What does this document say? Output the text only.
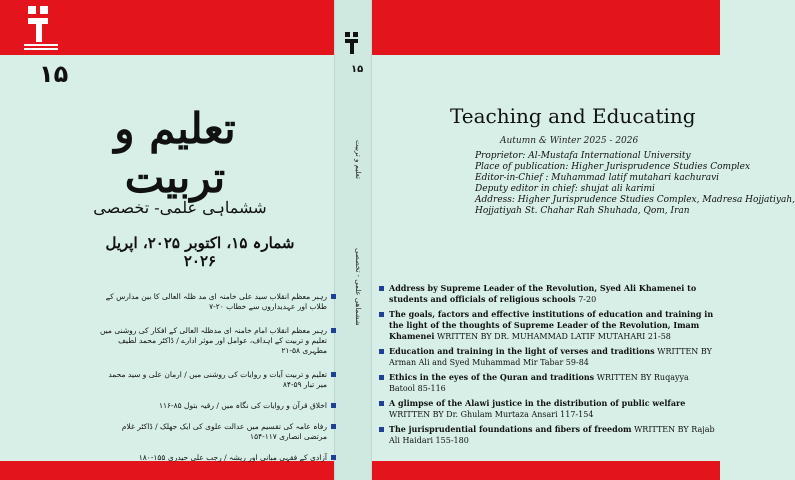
۱۵	۱۵
تعلیم و تربیت
ششماهی علمی - تخصصی
تعلیم و تربیت
ششماہی علمی- تخصصی
شمارہ ۱۵، اکتوبر ۲۰۲۵، اپریل ۲۰۲۶
رہبر معظم انقلاب سید علی خامنہ ای مد ظلہ العالی کا بین مدارس کے طلاب اور عہدیداروں سے خطاب ۲۰-۷
رہبر معظم انقلاب امام خامنہ ای مدظلہ العالی کے افکار کی روشنی میں تعلیم و تربیت کے اہداف، عوامل اور موثر ادارے / ڈاکٹر محمد لطیف مطہری ۵۸-۲۱
تعلیم و تربیت آیات و روایات کی روشنی میں / ارمان علی و سید محمد میر تبار ۵۹-۸۴
اخلاق قرآن و روایات کی نگاہ میں / رقیہ بتول ۸۵-۱۱۶
رفاہ عامہ کی تقسیم میں عدالت علوی کی ایک جھلک / ڈاکٹر غلام مرتضی انصاری ۱۱۷-۱۵۴
آزادی کے فقہی مبانی اور ریشہ / رجب علی حیدری ۱۵۵-۱۸۰
Teaching and Educating
Autumn & Winter 2025 - 2026
Proprietor: Al-Mustafa International University
Place of publication: Higher Jurisprudence Studies Complex
Editor-in-Chief : Muhammad latif mutahari kachuravi
Deputy editor in chief: shujat ali karimi
Address: Higher Jurisprudence Studies Complex, Madresa Hojjatiyah,
Hojjatiyah St. Chahar Rah Shuhada, Qom, Iran
Address by Supreme Leader of the Revolution, Syed Ali Khamenei to students and officials of religious schools 7-20
The goals, factors and effective institutions of education and training in the light of the thoughts of Supreme Leader of the Revolution, Imam Khamenei WRITTEN BY DR. MUHAMMAD LATIF MUTAHARI 21-58
Education and training in the light of verses and traditions WRITTEN BY Arman Ali and Syed Muhammad Mir Tabar 59-84
Ethics in the eyes of the Quran and traditions WRITTEN BY Ruqayya Batool 85-116
A glimpse of the Alawi justice in the distribution of public welfare WRITTEN BY Dr. Ghulam Murtaza Ansari 117-154
The jurisprudential foundations and fibers of freedom WRITTEN BY Rajab Ali Haidari 155-180
